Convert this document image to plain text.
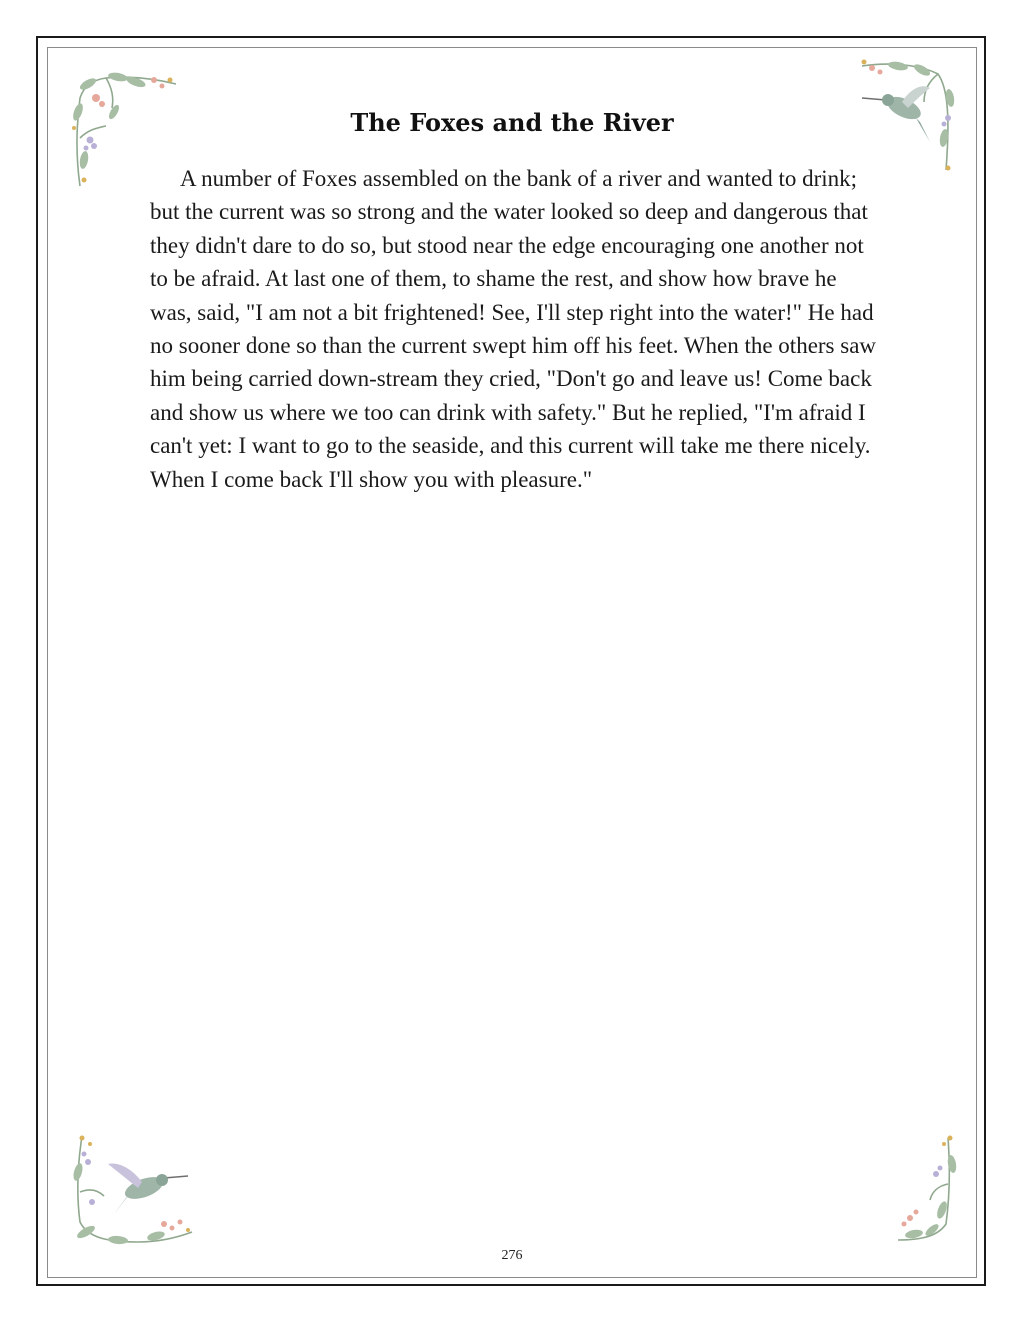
The Foxes and the River

A number of Foxes assembled on the bank of a river and wanted to drink; but the current was so strong and the water looked so deep and dangerous that they didn't dare to do so, but stood near the edge encouraging one another not to be afraid. At last one of them, to shame the rest, and show how brave he was, said, "I am not a bit frightened! See, I'll step right into the water!" He had no sooner done so than the current swept him off his feet. When the others saw him being carried down-stream they cried, "Don't go and leave us! Come back and show us where we too can drink with safety." But he replied, "I'm afraid I can't yet: I want to go to the seaside, and this current will take me there nicely. When I come back I'll show you with pleasure."

276
